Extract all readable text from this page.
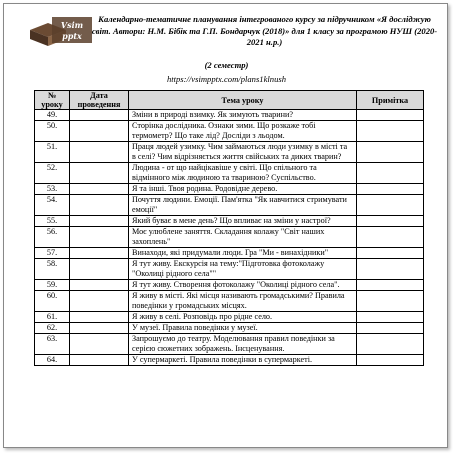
Vsim
pptx
Календарно-тематичне планування інтегрованого курсу за підручником «Я досліджую світ. Автори: Н.М. Бібік та Г.П. Бондарчук (2018)» для 1 класу за програмою НУШ (2020-2021 н.р.)
(2 семестр)
https://vsimpptx.com/plans1klnush
№ уроку	Дата проведення	Тема уроку	Примітка
49.		Зміни в природі взимку. Як зимують тварини?	
50.		Сторінка дослідника. Ознаки зими. Що розкаже тобі термометр? Що таке лід? Досліди з льодом.	
51.		Праця людей узимку. Чим займаються люди узимку в місті та в селі? Чим відрізняється життя свійських та диких тварин?	
52.		Людина - от що найцікавіше у світі. Що спільного та відмінного між людиною та твариною? Суспільство.	
53.		Я та інші. Твоя родина. Родовідне дерево.	
54.		Почуття людини. Емоції. Пам'ятка "Як навчитися стримувати емоції"	
55.		Який буває в мене день? Що впливає на зміни у настрої?	
56.		Моє улюблене заняття. Складання колажу "Світ наших захоплень"	
57.		Винаходи, які придумали люди. Гра "Ми - винахідники"	
58.		Я тут живу. Екскурсія на тему:"Підготовка фотоколажу "Околиці рідного села""	
59.		Я тут живу. Створення фотоколажу "Околиці рідного села".	
60.		Я живу в місті. Які місця називають громадськими? Правила поведінки у громадських місцях.	
61.		Я живу в селі. Розповідь про рідне село.	
62.		У музеї. Правила поведінки у музеї.	
63.		Запрошуємо до театру. Моделювання правил поведінки за серією сюжетних зображень. Інсценування.	
64.		У супермаркеті. Правила поведінки в супермаркеті.	
